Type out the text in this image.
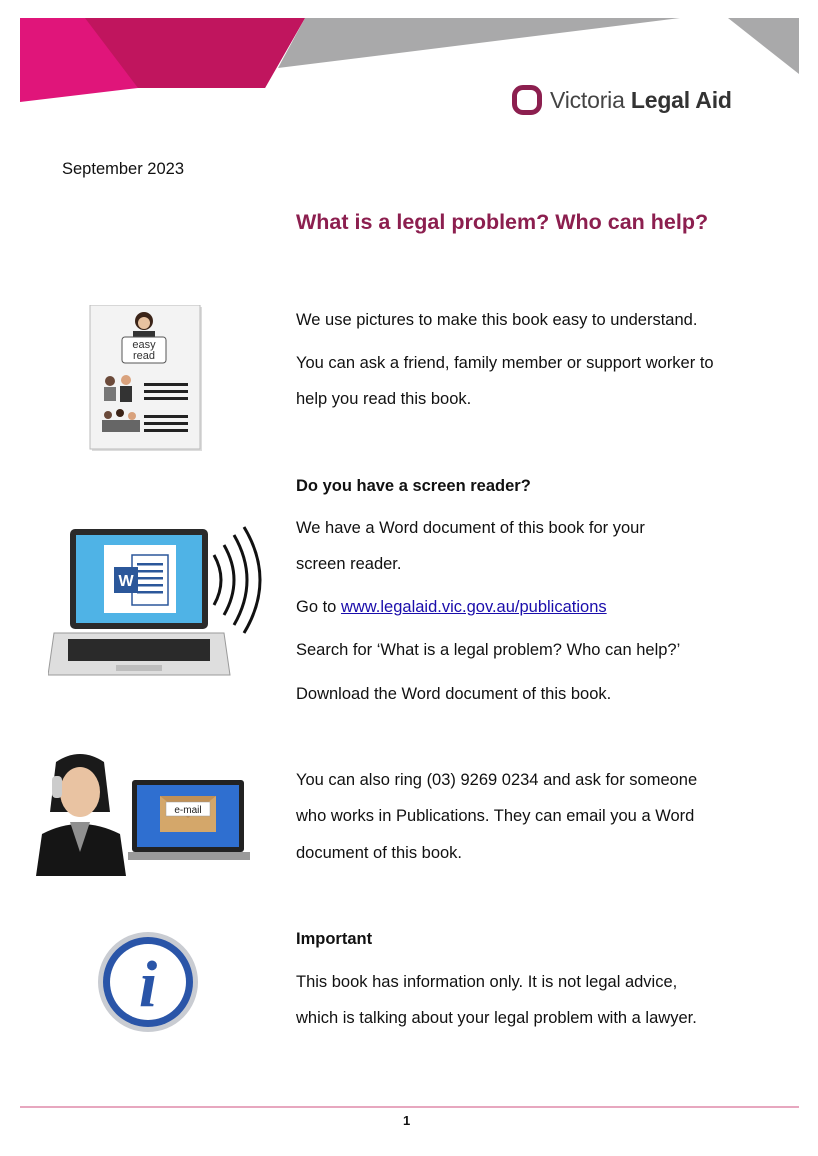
Victoria Legal Aid
September 2023
What is a legal problem? Who can help?
easy
read
We use pictures to make this book easy to understand.
You can ask a friend, family member or support worker to
help you read this book.
W
Do you have a screen reader?
We have a Word document of this book for your
screen reader.
Go to www.legalaid.vic.gov.au/publications
Search for ‘What is a legal problem? Who can help?’
Download the Word document of this book.
e-mail
You can also ring (03) 9269 0234 and ask for someone
who works in Publications. They can email you a Word
document of this book.
i
Important
This book has information only. It is not legal advice,
which is talking about your legal problem with a lawyer.
1
